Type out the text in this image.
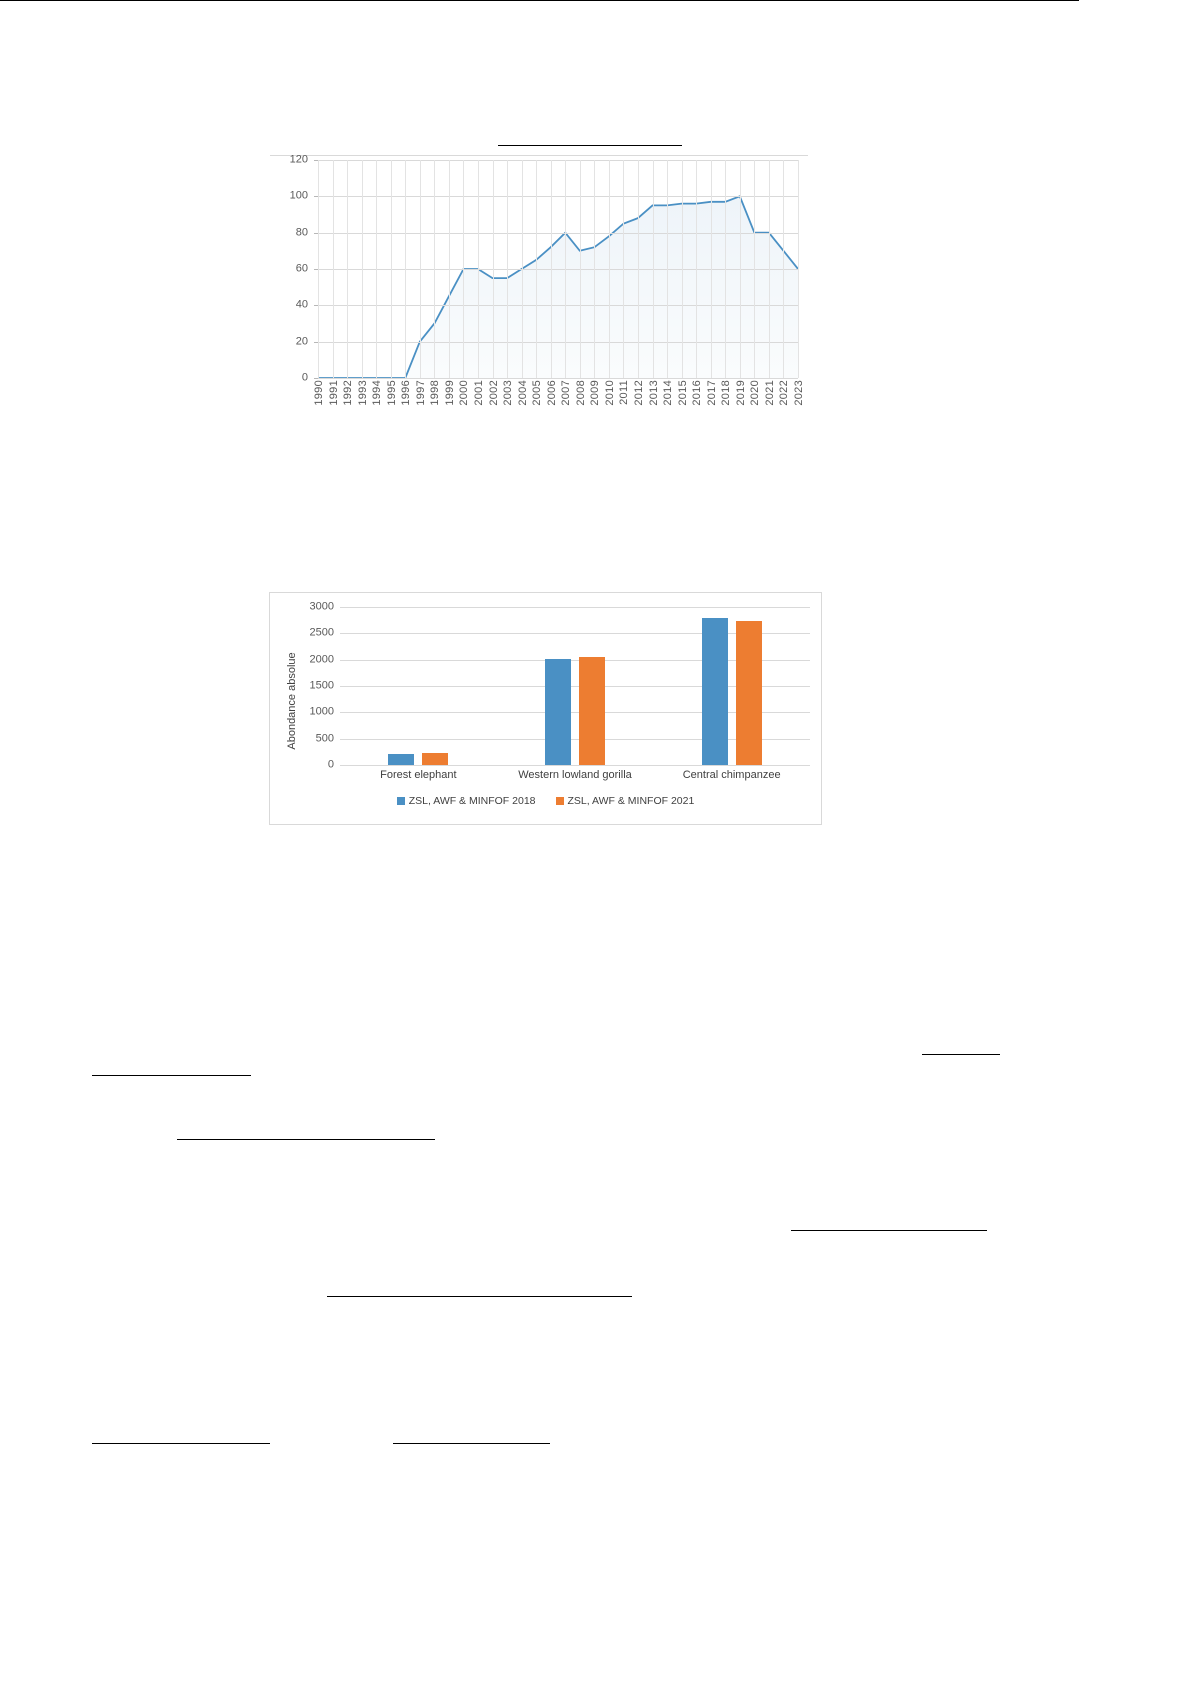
0
20
40
60
80
100
120
1990 1991 1992 1993 1994 1995 1996 1997 1998 1999 2000 2001 2002 2003 2004 2005 2006 2007 2008 2009 2010 2011 2012 2013 2014 2015 2016 2017 2018 2019 2020 2021 2022 2023
Abondance absolue
0
500
1000
1500
2000
2500
3000
Forest elephant	Western lowland gorilla	Central chimpanzee
ZSL, AWF & MINFOF 2018	ZSL, AWF & MINFOF 2021
